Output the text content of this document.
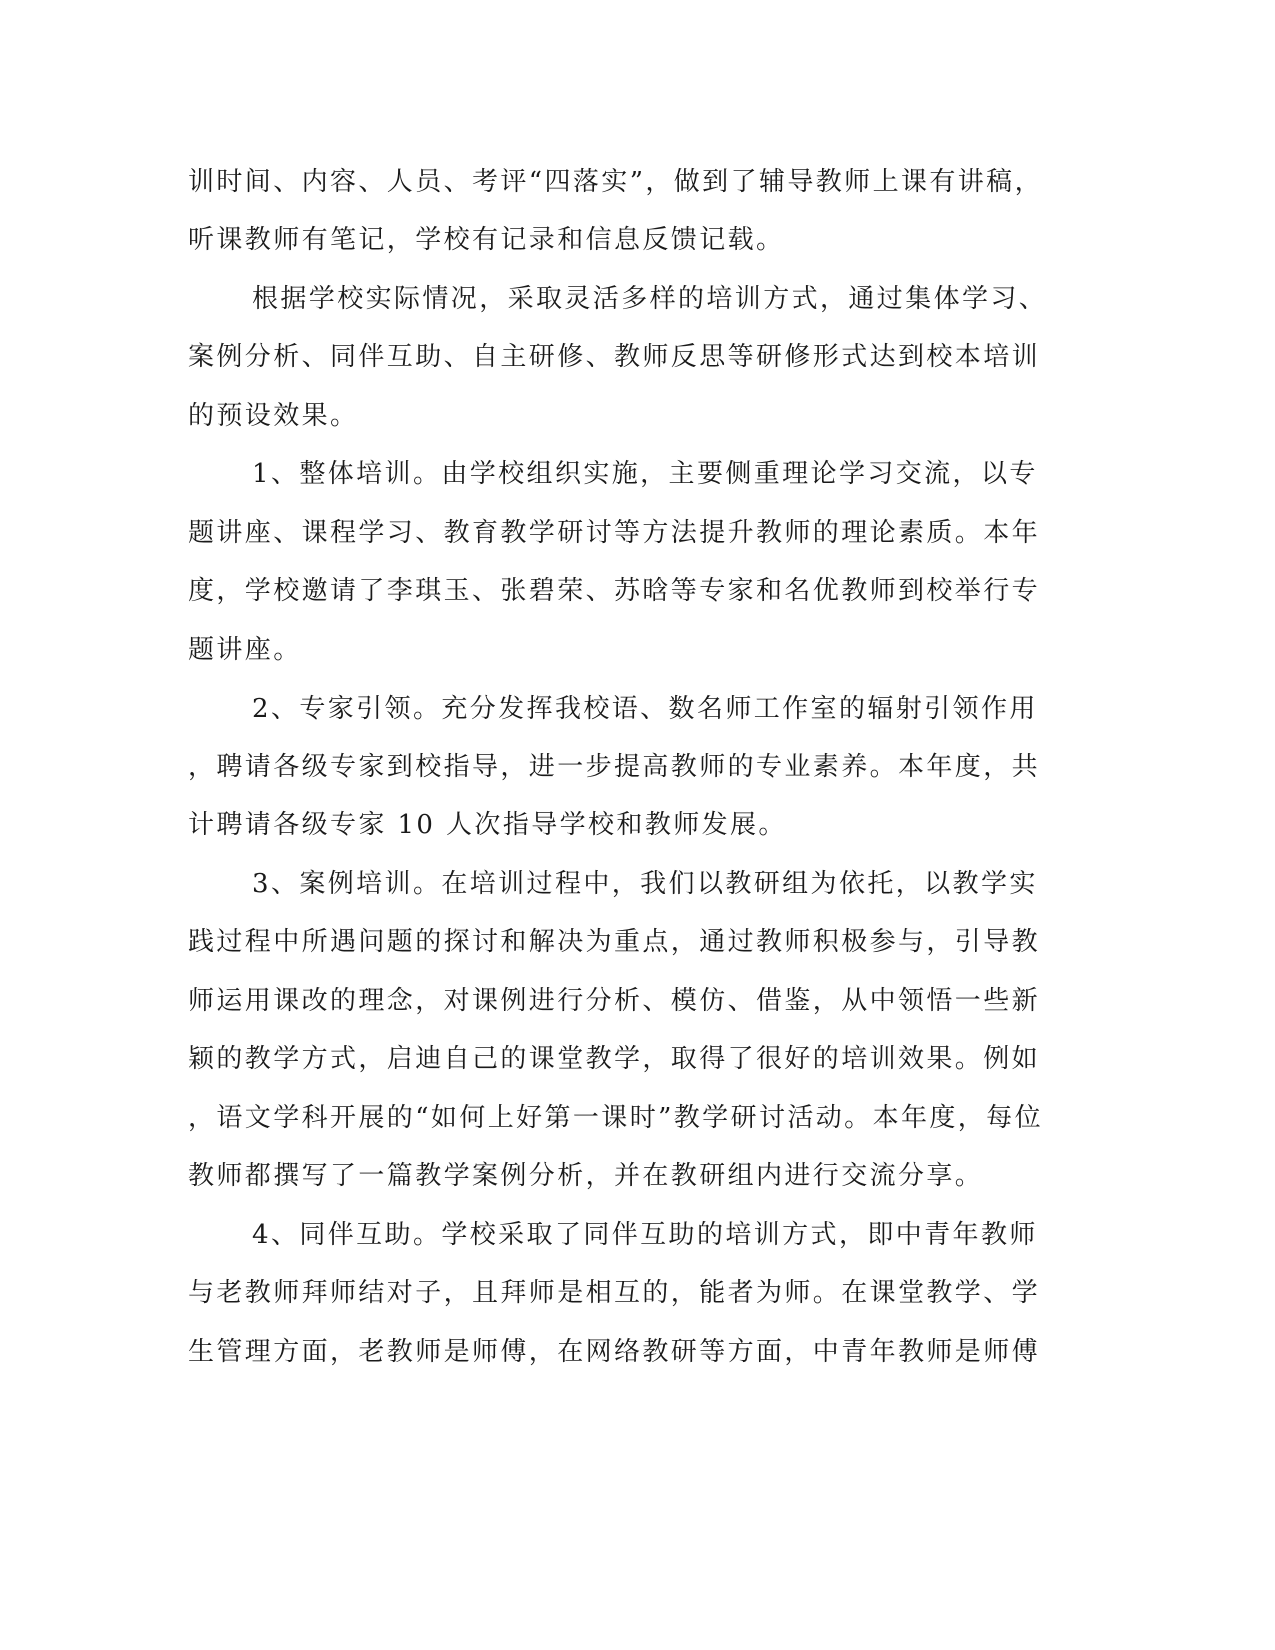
训时间、内容、人员、考评“四落实”，做到了辅导教师上课有讲稿，
听课教师有笔记，学校有记录和信息反馈记载。
根据学校实际情况，采取灵活多样的培训方式，通过集体学习、
案例分析、同伴互助、自主研修、教师反思等研修形式达到校本培训
的预设效果。
1、整体培训。由学校组织实施，主要侧重理论学习交流，以专
题讲座、课程学习、教育教学研讨等方法提升教师的理论素质。本年
度，学校邀请了李琪玉、张碧荣、苏晗等专家和名优教师到校举行专
题讲座。
2、专家引领。充分发挥我校语、数名师工作室的辐射引领作用
，聘请各级专家到校指导，进一步提高教师的专业素养。本年度，共
计聘请各级专家 10 人次指导学校和教师发展。
3、案例培训。在培训过程中，我们以教研组为依托，以教学实
践过程中所遇问题的探讨和解决为重点，通过教师积极参与，引导教
师运用课改的理念，对课例进行分析、模仿、借鉴，从中领悟一些新
颖的教学方式，启迪自己的课堂教学，取得了很好的培训效果。例如
，语文学科开展的“如何上好第一课时”教学研讨活动。本年度，每位
教师都撰写了一篇教学案例分析，并在教研组内进行交流分享。
4、同伴互助。学校采取了同伴互助的培训方式，即中青年教师
与老教师拜师结对子，且拜师是相互的，能者为师。在课堂教学、学
生管理方面，老教师是师傅，在网络教研等方面，中青年教师是师傅
